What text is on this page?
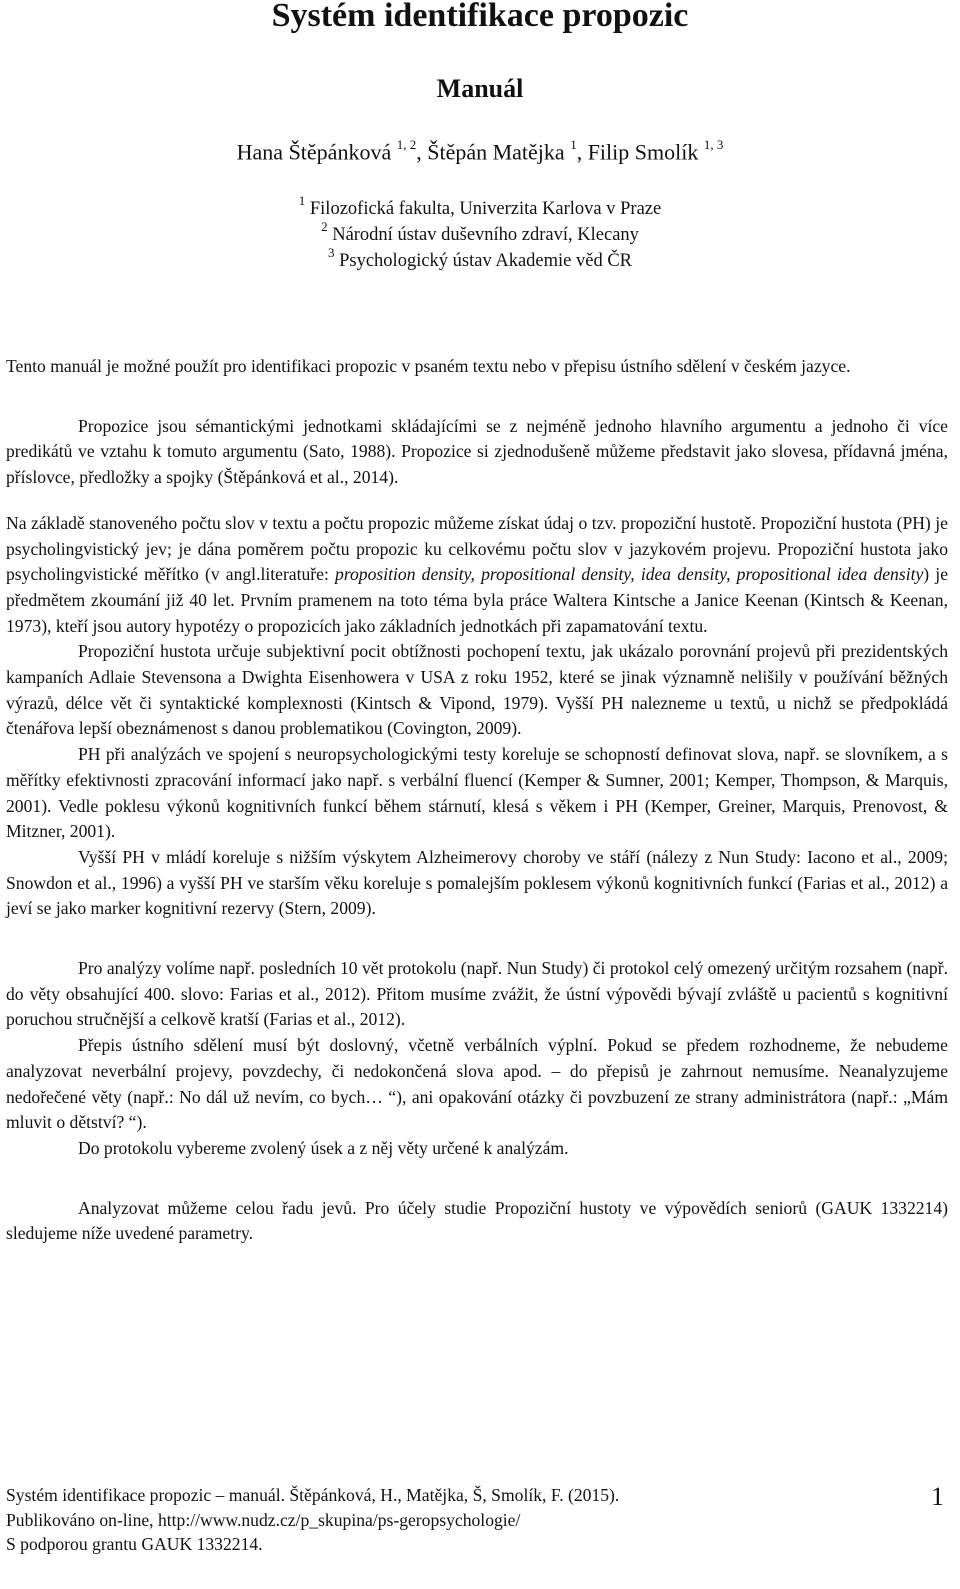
Systém identifikace propozic
Manuál
Hana Štěpánková $^{1, 2}$, Štěpán Matějka $^1$, Filip Smolík $^{1, 3}$
$^1$ Filozofická fakulta, Univerzita Karlova v Praze
$^2$ Národní ústav duševního zdraví, Klecany
$^3$ Psychologický ústav Akademie věd ČR

Tento manuál je možné použít pro identifikaci propozic v psaném textu nebo v přepisu ústního sdělení v českém jazyce.

Propozice jsou sémantickými jednotkami skládajícími se z nejméně jednoho hlavního argumentu a jednoho či více predikátů ve vztahu k tomuto argumentu (Sato, 1988). Propozice si zjednodušeně můžeme představit jako slovesa, přídavná jména, příslovce, předložky a spojky (Štěpánková et al., 2014).

Na základě stanoveného počtu slov v textu a počtu propozic můžeme získat údaj o tzv. propoziční hustotě. Propoziční hustota (PH) je psycholingvistický jev; je dána poměrem počtu propozic ku celkovému počtu slov v jazykovém projevu. Propoziční hustota jako psycholingvistické měřítko (v angl.literatuře: proposition density, propositional density, idea density, propositional idea density) je předmětem zkoumání již 40 let. Prvním pramenem na toto téma byla práce Waltera Kintsche a Janice Keenan (Kintsch & Keenan, 1973), kteří jsou autory hypotézy o propozicích jako základních jednotkách při zapamatování textu.

Propoziční hustota určuje subjektivní pocit obtížnosti pochopení textu, jak ukázalo porovnání projevů při prezidentských kampaních Adlaie Stevensona a Dwighta Eisenhowera v USA z roku 1952, které se jinak významně nelišily v používání běžných výrazů, délce vět či syntaktické komplexnosti (Kintsch & Vipond, 1979). Vyšší PH nalezneme u textů, u nichž se předpokládá čtenářova lepší obeznámenost s danou problematikou (Covington, 2009).

PH při analýzách ve spojení s neuropsychologickými testy koreluje se schopností definovat slova, např. se slovníkem, a s měřítky efektivnosti zpracování informací jako např. s verbální fluencí (Kemper & Sumner, 2001; Kemper, Thompson, & Marquis, 2001). Vedle poklesu výkonů kognitivních funkcí během stárnutí, klesá s věkem i PH (Kemper, Greiner, Marquis, Prenovost, & Mitzner, 2001).

Vyšší PH v mládí koreluje s nižším výskytem Alzheimerovy choroby ve stáří (nálezy z Nun Study: Iacono et al., 2009; Snowdon et al., 1996) a vyšší PH ve starším věku koreluje s pomalejším poklesem výkonů kognitivních funkcí (Farias et al., 2012) a jeví se jako marker kognitivní rezervy (Stern, 2009).

Pro analýzy volíme např. posledních 10 vět protokolu (např. Nun Study) či protokol celý omezený určitým rozsahem (např. do věty obsahující 400. slovo: Farias et al., 2012). Přitom musíme zvážit, že ústní výpovědi bývají zvláště u pacientů s kognitivní poruchou stručnější a celkově kratší (Farias et al., 2012).

Přepis ústního sdělení musí být doslovný, včetně verbálních výplní. Pokud se předem rozhodneme, že nebudeme analyzovat neverbální projevy, povzdechy, či nedokončená slova apod. – do přepisů je zahrnout nemusíme. Neanalyzujeme nedořečené věty (např.: No dál už nevím, co bych… “), ani opakování otázky či povzbuzení ze strany administrátora (např.: „Mám mluvit o dětství? “).

Do protokolu vybereme zvolený úsek a z něj věty určené k analýzám.

Analyzovat můžeme celou řadu jevů. Pro účely studie Propoziční hustoty ve výpovědích seniorů (GAUK 1332214) sledujeme níže uvedené parametry.

Systém identifikace propozic – manuál. Štěpánková, H., Matějka, Š, Smolík, F. (2015).
Publikováno on-line, http://www.nudz.cz/p_skupina/ps-geropsychologie/
S podporou grantu GAUK 1332214.
1
